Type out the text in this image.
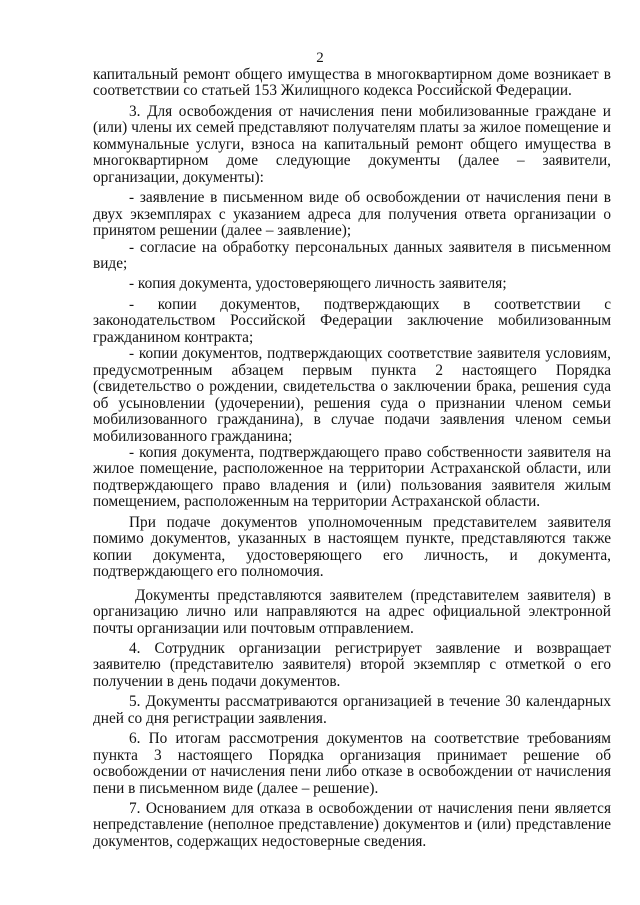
2

капитальный ремонт общего имущества в многоквартирном доме возникает в соответствии со статьей 153 Жилищного кодекса Российской Федерации.

3. Для освобождения от начисления пени мобилизованные граждане и (или) члены их семей представляют получателям платы за жилое помещение и коммунальные услуги, взноса на капитальный ремонт общего имущества в многоквартирном доме следующие документы (далее – заявители, организации, документы):

- заявление в письменном виде об освобождении от начисления пени в двух экземплярах с указанием адреса для получения ответа организации о принятом решении (далее – заявление);

- согласие на обработку персональных данных заявителя в письменном виде;

- копия документа, удостоверяющего личность заявителя;

- копии документов, подтверждающих в соответствии с законодательством Российской Федерации заключение мобилизованным гражданином контракта;

- копии документов, подтверждающих соответствие заявителя условиям, предусмотренным абзацем первым пункта 2 настоящего Порядка (свидетельство о рождении, свидетельства о заключении брака, решения суда об усыновлении (удочерении), решения суда о признании членом семьи мобилизованного гражданина), в случае подачи заявления членом семьи мобилизованного гражданина;

- копия документа, подтверждающего право собственности заявителя на жилое помещение, расположенное на территории Астраханской области, или подтверждающего право владения и (или) пользования заявителя жилым помещением, расположенным на территории Астраханской области.

При подаче документов уполномоченным представителем заявителя помимо документов, указанных в настоящем пункте, представляются также копии документа, удостоверяющего его личность, и документа, подтверждающего его полномочия.

Документы представляются заявителем (представителем заявителя) в организацию лично или направляются на адрес официальной электронной почты организации или почтовым отправлением.

4. Сотрудник организации регистрирует заявление и возвращает заявителю (представителю заявителя) второй экземпляр с отметкой о его получении в день подачи документов.

5. Документы рассматриваются организацией в течение 30 календарных дней со дня регистрации заявления.

6. По итогам рассмотрения документов на соответствие требованиям пункта 3 настоящего Порядка организация принимает решение об освобождении от начисления пени либо отказе в освобождении от начисления пени в письменном виде (далее – решение).

7. Основанием для отказа в освобождении от начисления пени является непредставление (неполное представление) документов и (или) представление документов, содержащих недостоверные сведения.
